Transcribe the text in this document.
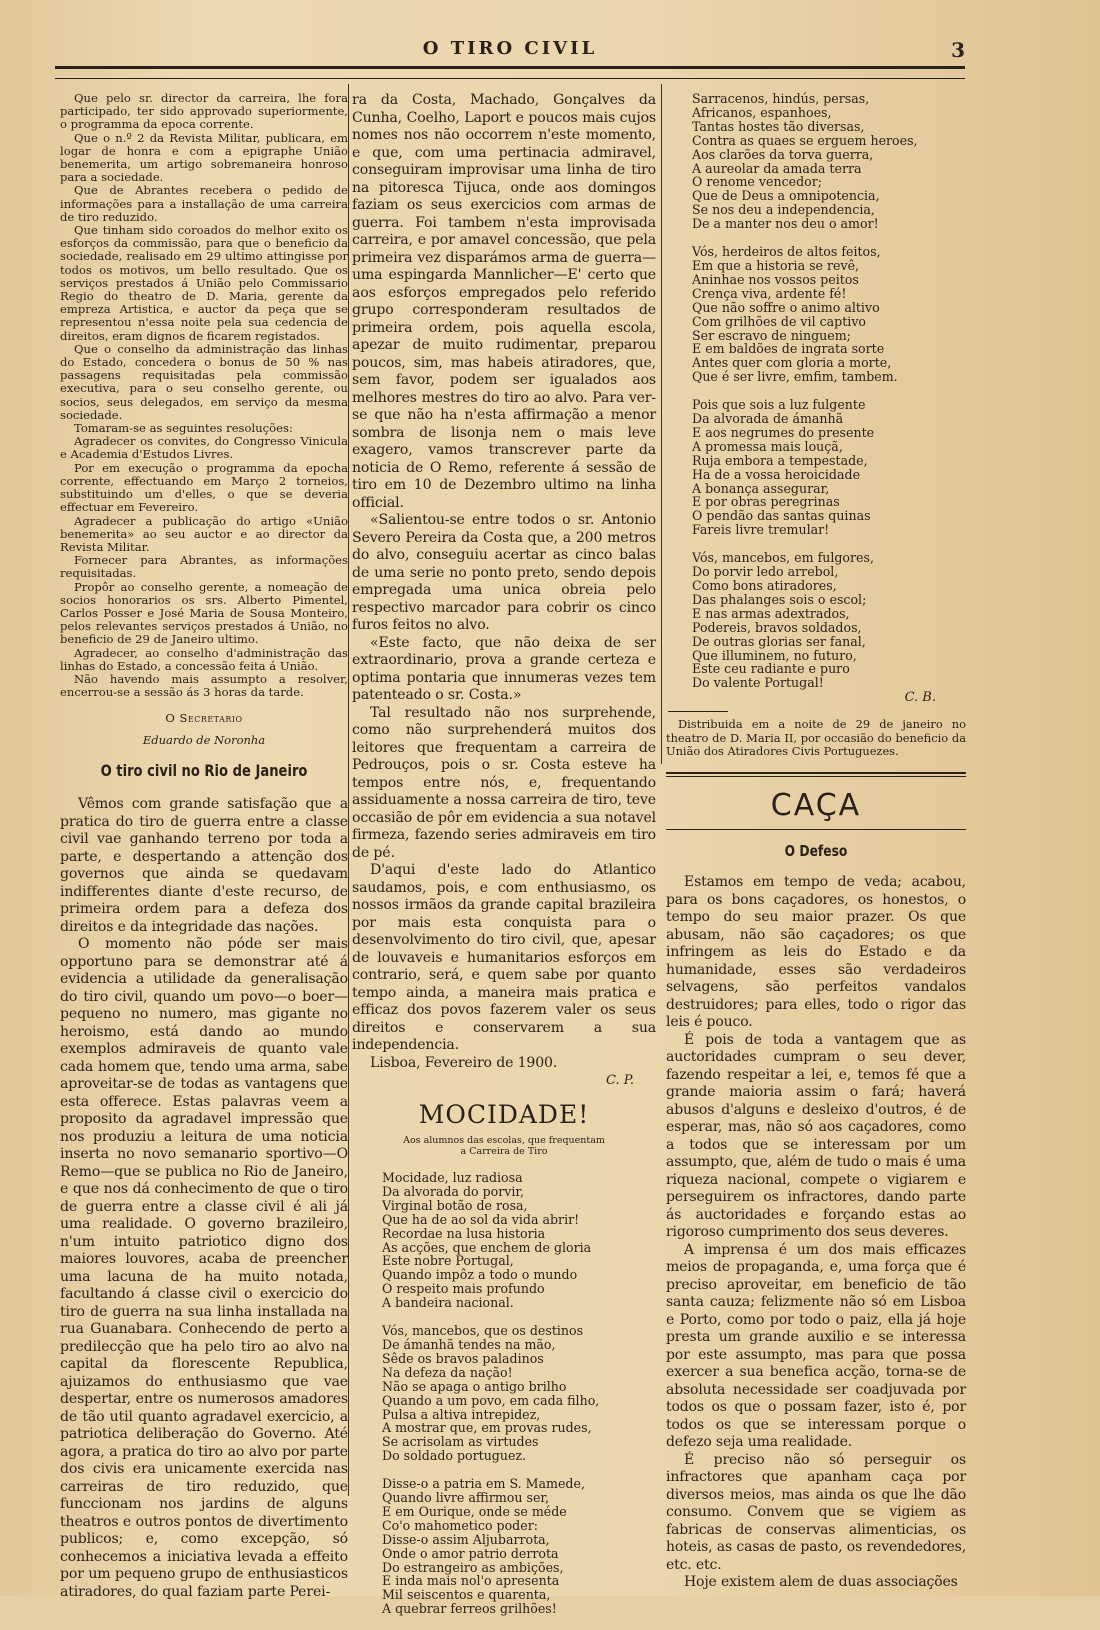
O TIRO CIVIL	3

Que pelo sr. director da carreira, lhe fora participado, ter sido approvado superiormente, o programma da epoca corrente.

Que o n.º 2 da Revista Militar, publicara, em logar de honra e com a epigraphe União benemerita, um artigo sobremaneira honroso para a sociedade.

Que de Abrantes recebera o pedido de informações para a installação de uma carreira de tiro reduzido.

Que tinham sido coroados do melhor exito os esforços da commissão, para que o beneficio da sociedade, realisado em 29 ultimo attingisse por todos os motivos, um bello resultado. Que os serviços prestados á União pelo Commissario Regio do theatro de D. Maria, gerente da empreza Artistica, e auctor da peça que se representou n'essa noite pela sua cedencia de direitos, eram dignos de ficarem registados.

Que o conselho da administração das linhas do Estado, concedera o bonus de 50 % nas passagens requisitadas pela commissão executiva, para o seu conselho gerente, ou socios, seus delegados, em serviço da mesma sociedade.

Tomaram-se as seguintes resoluções:

Agradecer os convites, do Congresso Vinicula e Academia d'Estudos Livres.

Por em execução o programma da epocha corrente, effectuando em Março 2 torneios, substituindo um d'elles, o que se deveria effectuar em Fevereiro.

Agradecer a publicação do artigo «União benemerita» ao seu auctor e ao director da Revista Militar.

Fornecer para Abrantes, as informações requisitadas.

Propôr ao conselho gerente, a nomeação de socios honorarios os srs. Alberto Pimentel, Carlos Posser e José Maria de Sousa Monteiro, pelos relevantes serviços prestados á União, no beneficio de 29 de Janeiro ultimo.

Agradecer, ao conselho d'administração das linhas do Estado, a concessão feita á União.

Não havendo mais assumpto a resolver, encerrou-se a sessão ás 3 horas da tarde.

O Secretario
Eduardo de Noronha
O tiro civil no Rio de Janeiro

Vêmos com grande satisfação que a pratica do tiro de guerra entre a classe civil vae ganhando terreno por toda a parte, e despertando a attenção dos governos que ainda se quedavam indifferentes diante d'este recurso, de primeira ordem para a defeza dos direitos e da integridade das nações.

O momento não póde ser mais opportuno para se demonstrar até á evidencia a utilidade da generalisação do tiro civil, quando um povo—o boer—pequeno no numero, mas gigante no heroismo, está dando ao mundo exemplos admiraveis de quanto vale cada homem que, tendo uma arma, sabe aproveitar-se de todas as vantagens que esta offerece. Estas palavras veem a proposito da agradavel impressão que nos produziu a leitura de uma noticia inserta no novo semanario sportivo—O Remo—que se publica no Rio de Janeiro, e que nos dá conhecimento de que o tiro de guerra entre a classe civil é ali já uma realidade. O governo brazileiro, n'um intuito patriotico digno dos maiores louvores, acaba de preencher uma lacuna de ha muito notada, facultando á classe civil o exercicio do tiro de guerra na sua linha installada na rua Guanabara. Conhecendo de perto a predilecção que ha pelo tiro ao alvo na capital da florescente Republica, ajuizamos do enthusiasmo que vae despertar, entre os numerosos amadores de tão util quanto agradavel exercicio, a patriotica deliberação do Governo. Até agora, a pratica do tiro ao alvo por parte dos civis era unicamente exercida nas carreiras de tiro reduzido, que funccionam nos jardins de alguns theatros e outros pontos de divertimento publicos; e, como excepção, só conhecemos a iniciativa levada a effeito por um pequeno grupo de enthusiasticos atiradores, do qual faziam parte Perei-

ra da Costa, Machado, Gonçalves da Cunha, Coelho, Laport e poucos mais cujos nomes nos não occorrem n'este momento, e que, com uma pertinacia admiravel, conseguiram improvisar uma linha de tiro na pitoresca Tijuca, onde aos domingos faziam os seus exercicios com armas de guerra. Foi tambem n'esta improvisada carreira, e por amavel concessão, que pela primeira vez disparámos arma de guerra—uma espingarda Mannlicher—E' certo que aos esforços empregados pelo referido grupo corresponderam resultados de primeira ordem, pois aquella escola, apezar de muito rudimentar, preparou poucos, sim, mas habeis atiradores, que, sem favor, podem ser igualados aos melhores mestres do tiro ao alvo. Para ver-se que não ha n'esta affirmação a menor sombra de lisonja nem o mais leve exagero, vamos transcrever parte da noticia de O Remo, referente á sessão de tiro em 10 de Dezembro ultimo na linha official.

«Salientou-se entre todos o sr. Antonio Severo Pereira da Costa que, a 200 metros do alvo, conseguiu acertar as cinco balas de uma serie no ponto preto, sendo depois empregada uma unica obreia pelo respectivo marcador para cobrir os cinco furos feitos no alvo.

«Este facto, que não deixa de ser extraordinario, prova a grande certeza e optima pontaria que innumeras vezes tem patenteado o sr. Costa.»

Tal resultado não nos surprehende, como não surprehenderá muitos dos leitores que frequentam a carreira de Pedrouços, pois o sr. Costa esteve ha tempos entre nós, e, frequentando assiduamente a nossa carreira de tiro, teve occasião de pôr em evidencia a sua notavel firmeza, fazendo series admiraveis em tiro de pé.

D'aqui d'este lado do Atlantico saudamos, pois, e com enthusiasmo, os nossos irmãos da grande capital brazileira por mais esta conquista para o desenvolvimento do tiro civil, que, apesar de louvaveis e humanitarios esforços em contrario, será, e quem sabe por quanto tempo ainda, a maneira mais pratica e efficaz dos povos fazerem valer os seus direitos e conservarem a sua independencia.

Lisboa, Fevereiro de 1900.

C. P.
MOCIDADE!
Aos alumnos das escolas, que frequentam
a Carreira de Tiro
Mocidade, luz radiosa
Da alvorada do porvir,
Virginal botão de rosa,
Que ha de ao sol da vida abrir!
Recordae na lusa historia
As acções, que enchem de gloria
Este nobre Portugal,
Quando impôz a todo o mundo
O respeito mais profundo
A bandeira nacional.
Vós, mancebos, que os destinos
De ámanhã tendes na mão,
Sêde os bravos paladinos
Na defeza da nação!
Não se apaga o antigo brilho
Quando a um povo, em cada filho,
Pulsa a altiva intrepidez,
A mostrar que, em provas rudes,
Se acrisolam as virtudes
Do soldado portuguez.
Disse-o a patria em S. Mamede,
Quando livre affirmou ser,
E em Ourique, onde se méde
Co'o mahometico poder:
Disse-o assim Aljubarrota,
Onde o amor patrio derrota
Do estrangeiro as ambições,
E inda mais nol'o apresenta
Mil seiscentos e quarenta,
A quebrar ferreos grilhões!
Sarracenos, hindús, persas,
Africanos, espanhoes,
Tantas hostes tão diversas,
Contra as quaes se erguem heroes,
Aos clarões da torva guerra,
A aureolar da amada terra
O renome vencedor;
Que de Deus a omnipotencia,
Se nos deu a independencia,
De a manter nos deu o amor!
Vós, herdeiros de altos feitos,
Em que a historia se revê,
Aninhae nos vossos peitos
Crença viva, ardente fé!
Que não soffre o animo altivo
Com grilhões de vil captivo
Ser escravo de ninguem;
E em baldões de ingrata sorte
Antes quer com gloria a morte,
Que é ser livre, emfim, tambem.
Pois que sois a luz fulgente
Da alvorada de ámanhã
E aos negrumes do presente
A promessa mais louçã,
Ruja embora a tempestade,
Ha de a vossa heroicidade
A bonança assegurar,
E por obras peregrinas
O pendão das santas quinas
Fareis livre tremular!
Vós, mancebos, em fulgores,
Do porvir ledo arrebol,
Como bons atiradores,
Das phalanges sois o escol;
E nas armas adextrados,
Podereis, bravos soldados,
De outras glorias ser fanal,
Que illuminem, no futuro,
Este ceu radiante e puro
Do valente Portugal!
C. B.
Distribuida em a noite de 29 de janeiro no theatro de D. Maria II, por occasião do beneficio da União dos Atiradores Civis Portuguezes.
CAÇA
O Defeso

Estamos em tempo de veda; acabou, para os bons caçadores, os honestos, o tempo do seu maior prazer. Os que abusam, não são caçadores; os que infringem as leis do Estado e da humanidade, esses são verdadeiros selvagens, são perfeitos vandalos destruidores; para elles, todo o rigor das leis é pouco.

É pois de toda a vantagem que as auctoridades cumpram o seu dever, fazendo respeitar a lei, e, temos fé que a grande maioria assim o fará; haverá abusos d'alguns e desleixo d'outros, é de esperar, mas, não só aos caçadores, como a todos que se interessam por um assumpto, que, além de tudo o mais é uma riqueza nacional, compete o vigiarem e perseguirem os infractores, dando parte ás auctoridades e forçando estas ao rigoroso cumprimento dos seus deveres.

A imprensa é um dos mais efficazes meios de propaganda, e, uma força que é preciso aproveitar, em beneficio de tão santa cauza; felizmente não só em Lisboa e Porto, como por todo o paiz, ella já hoje presta um grande auxilio e se interessa por este assumpto, mas para que possa exercer a sua benefica acção, torna-se de absoluta necessidade ser coadjuvada por todos os que o possam fazer, isto é, por todos os que se interessam porque o defezo seja uma realidade.

É preciso não só perseguir os infractores que apanham caça por diversos meios, mas ainda os que lhe dão consumo. Convem que se vigiem as fabricas de conservas alimenticias, os hoteis, as casas de pasto, os revendedores, etc. etc.

Hoje existem alem de duas associações
